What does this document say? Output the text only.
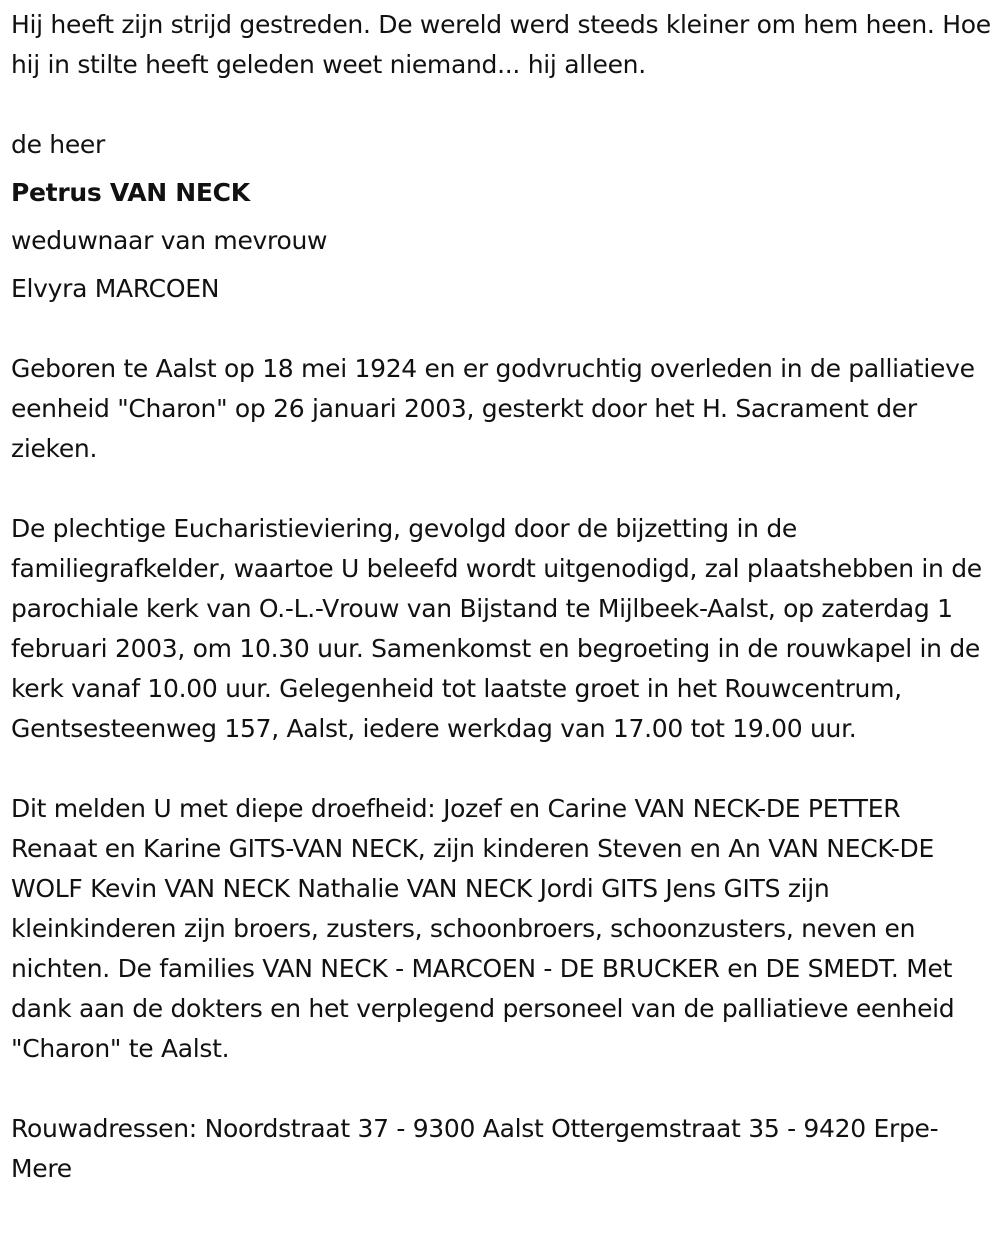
Hij heeft zijn strijd gestreden. De wereld werd steeds kleiner om hem heen. Hoe hij in stilte heeft geleden weet niemand... hij alleen.

de heer

Petrus VAN NECK

weduwnaar van mevrouw

Elvyra MARCOEN

Geboren te Aalst op 18 mei 1924 en er godvruchtig overleden in de palliatieve eenheid "Charon" op 26 januari 2003, gesterkt door het H. Sacrament der zieken.

De plechtige Eucharistieviering, gevolgd door de bijzetting in de familiegrafkelder, waartoe U beleefd wordt uitgenodigd, zal plaatshebben in de parochiale kerk van O.-L.-Vrouw van Bijstand te Mijlbeek-Aalst, op zaterdag 1 februari 2003, om 10.30 uur. Samenkomst en begroeting in de rouwkapel in de kerk vanaf 10.00 uur. Gelegenheid tot laatste groet in het Rouwcentrum, Gentsesteenweg 157, Aalst, iedere werkdag van 17.00 tot 19.00 uur.

Dit melden U met diepe droefheid: Jozef en Carine VAN NECK-DE PETTER Renaat en Karine GITS-VAN NECK, zijn kinderen Steven en An VAN NECK-DE WOLF Kevin VAN NECK Nathalie VAN NECK Jordi GITS Jens GITS zijn kleinkinderen zijn broers, zusters, schoonbroers, schoonzusters, neven en nichten. De families VAN NECK - MARCOEN - DE BRUCKER en DE SMEDT. Met dank aan de dokters en het verplegend personeel van de palliatieve eenheid "Charon" te Aalst.

Rouwadressen: Noordstraat 37 - 9300 Aalst Ottergemstraat 35 - 9420 Erpe-Mere
